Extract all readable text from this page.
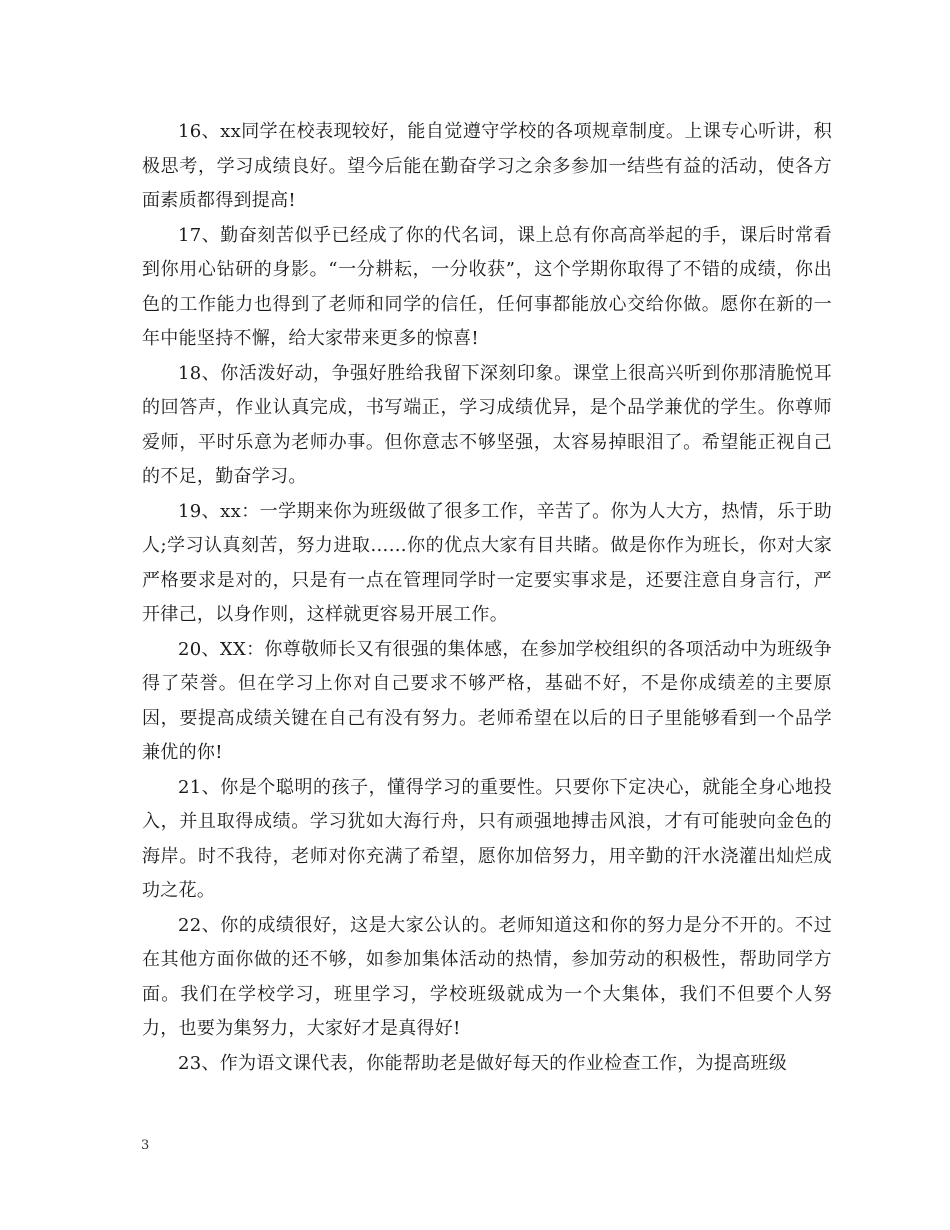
16、xx同学在校表现较好，能自觉遵守学校的各项规章制度。上课专心听讲，积极思考，学习成绩良好。望今后能在勤奋学习之余多参加一结些有益的活动，使各方面素质都得到提高!

17、勤奋刻苦似乎已经成了你的代名词，课上总有你高高举起的手，课后时常看到你用心钻研的身影。“一分耕耘，一分收获”，这个学期你取得了不错的成绩，你出色的工作能力也得到了老师和同学的信任，任何事都能放心交给你做。愿你在新的一年中能坚持不懈，给大家带来更多的惊喜!

18、你活泼好动，争强好胜给我留下深刻印象。课堂上很高兴听到你那清脆悦耳的回答声，作业认真完成，书写端正，学习成绩优异，是个品学兼优的学生。你尊师爱师，平时乐意为老师办事。但你意志不够坚强，太容易掉眼泪了。希望能正视自己的不足，勤奋学习。

19、xx：一学期来你为班级做了很多工作，辛苦了。你为人大方，热情，乐于助人;学习认真刻苦，努力进取……你的优点大家有目共睹。做是你作为班长，你对大家严格要求是对的，只是有一点在管理同学时一定要实事求是，还要注意自身言行，严开律己，以身作则，这样就更容易开展工作。

20、XX：你尊敬师长又有很强的集体感，在参加学校组织的各项活动中为班级争得了荣誉。但在学习上你对自己要求不够严格，基础不好，不是你成绩差的主要原因，要提高成绩关键在自己有没有努力。老师希望在以后的日子里能够看到一个品学兼优的你!

21、你是个聪明的孩子，懂得学习的重要性。只要你下定决心，就能全身心地投入，并且取得成绩。学习犹如大海行舟，只有顽强地搏击风浪，才有可能驶向金色的海岸。时不我待，老师对你充满了希望，愿你加倍努力，用辛勤的汗水浇灌出灿烂成功之花。

22、你的成绩很好，这是大家公认的。老师知道这和你的努力是分不开的。不过在其他方面你做的还不够，如参加集体活动的热情，参加劳动的积极性，帮助同学方面。我们在学校学习，班里学习，学校班级就成为一个大集体，我们不但要个人努力，也要为集努力，大家好才是真得好!

23、作为语文课代表，你能帮助老是做好每天的作业检查工作，为提高班级

3
